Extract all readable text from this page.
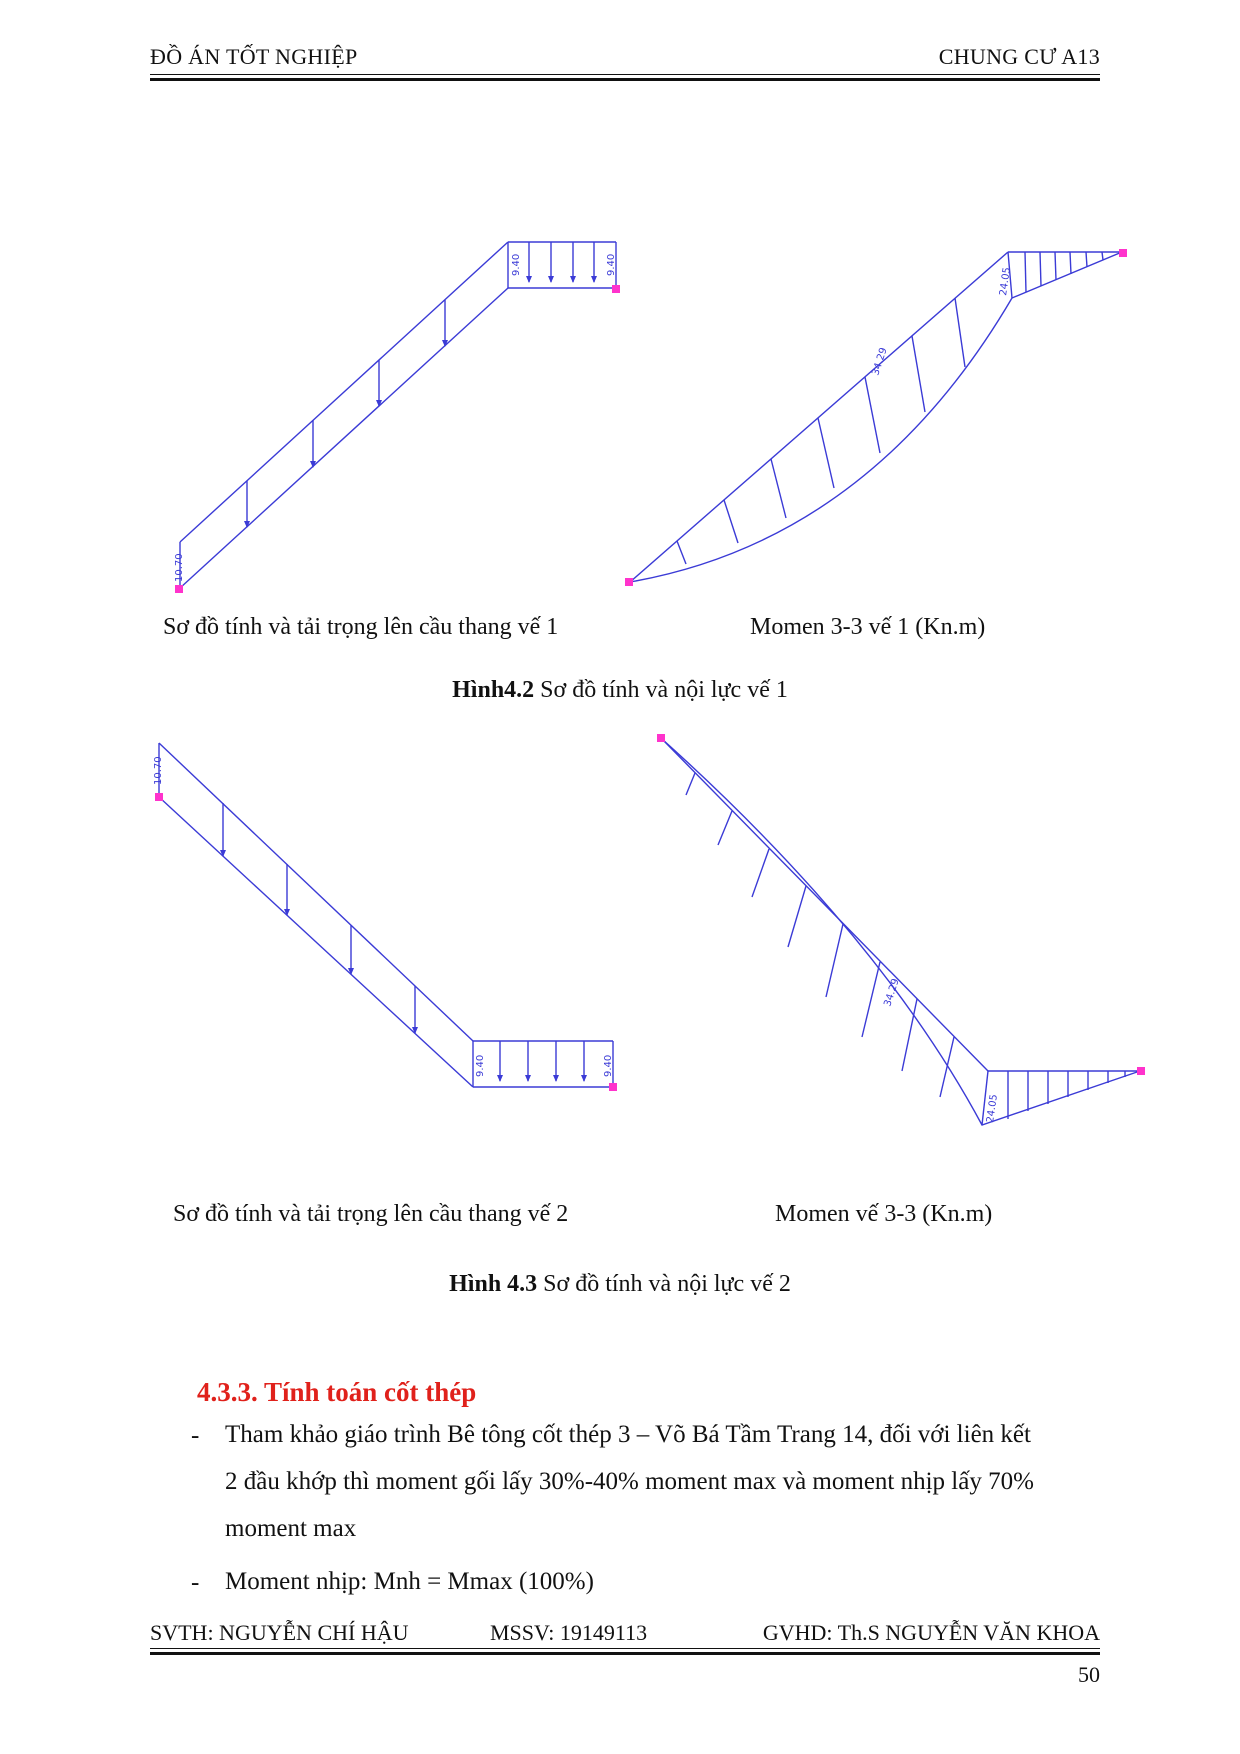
ĐỒ ÁN TỐT NGHIỆP	CHUNG CƯ A13
10.70
9.40	9.40
34.29
24.05
Sơ đồ tính và tải trọng lên cầu thang vế 1	Momen 3-3 vế 1 (Kn.m)
Hình4.2 Sơ đồ tính và nội lực vế 1
10.70
9.40	9.40
34.29
24.05
Sơ đồ tính và tải trọng lên cầu thang vế 2	Momen vế 3-3 (Kn.m)
Hình 4.3 Sơ đồ tính và nội lực vế 2
4.3.3. Tính toán cốt thép
- Tham khảo giáo trình Bê tông cốt thép 3 – Võ Bá Tầm Trang 14, đối với liên kết
2 đầu khớp thì moment gối lấy 30%-40% moment max và moment nhịp lấy 70%
moment max
- Moment nhịp: Mnh = Mmax (100%)
SVTH: NGUYỄN CHÍ HẬU	MSSV: 19149113	GVHD: Th.S NGUYỄN VĂN KHOA
50
